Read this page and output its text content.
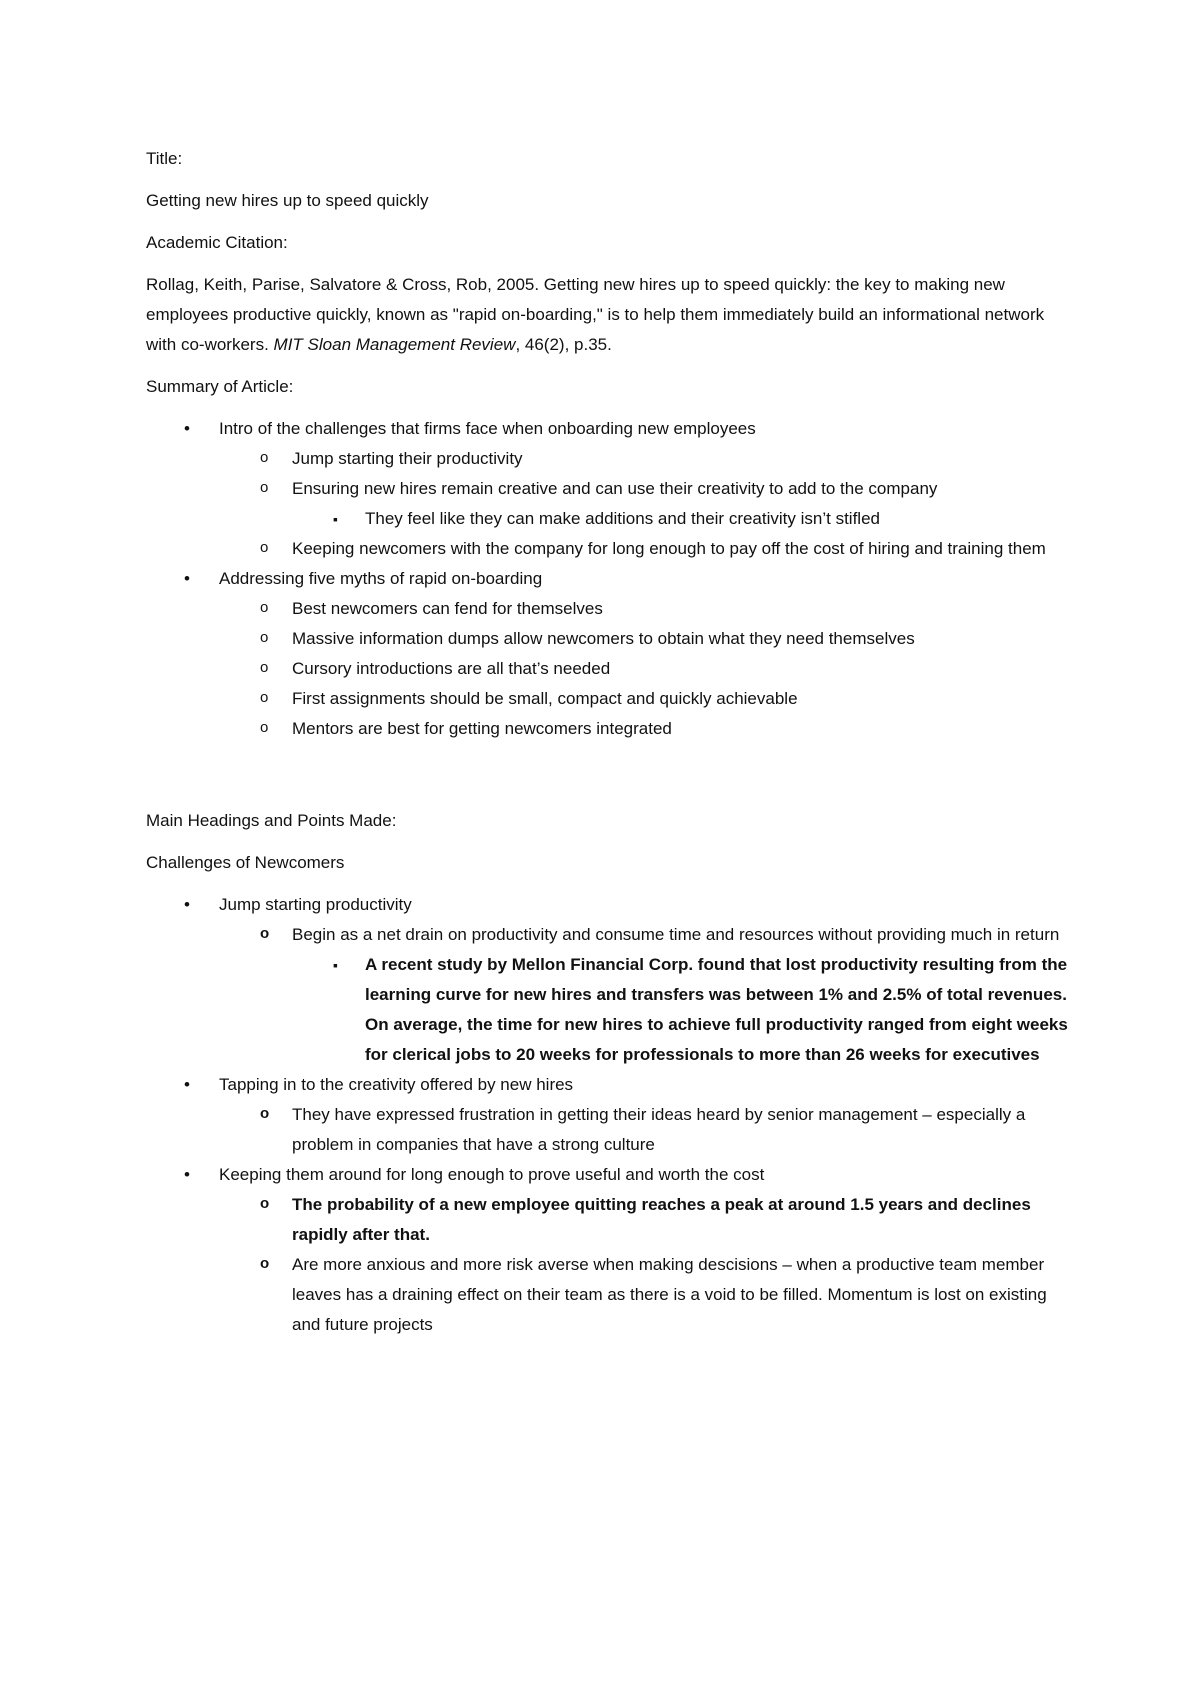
Title:

Getting new hires up to speed quickly

Academic Citation:

Rollag, Keith, Parise, Salvatore & Cross, Rob, 2005. Getting new hires up to speed quickly: the key to making new employees productive quickly, known as "rapid on-boarding," is to help them immediately build an informational network with co-workers. MIT Sloan Management Review, 46(2), p.35.

Summary of Article:

• Intro of the challenges that firms face when onboarding new employees
o Jump starting their productivity
o Ensuring new hires remain creative and can use their creativity to add to the company
▪ They feel like they can make additions and their creativity isn’t stifled
o Keeping newcomers with the company for long enough to pay off the cost of hiring and training them
• Addressing five myths of rapid on-boarding
o Best newcomers can fend for themselves
o Massive information dumps allow newcomers to obtain what they need themselves
o Cursory introductions are all that’s needed
o First assignments should be small, compact and quickly achievable
o Mentors are best for getting newcomers integrated

Main Headings and Points Made:

Challenges of Newcomers

• Jump starting productivity
o Begin as a net drain on productivity and consume time and resources without providing much in return
▪ A recent study by Mellon Financial Corp. found that lost productivity resulting from the learning curve for new hires and transfers was between 1% and 2.5% of total revenues. On average, the time for new hires to achieve full productivity ranged from eight weeks for clerical jobs to 20 weeks for professionals to more than 26 weeks for executives
• Tapping in to the creativity offered by new hires
o They have expressed frustration in getting their ideas heard by senior management – especially a problem in companies that have a strong culture
• Keeping them around for long enough to prove useful and worth the cost
o The probability of a new employee quitting reaches a peak at around 1.5 years and declines rapidly after that.
o Are more anxious and more risk averse when making descisions – when a productive team member leaves has a draining effect on their team as there is a void to be filled. Momentum is lost on existing and future projects
